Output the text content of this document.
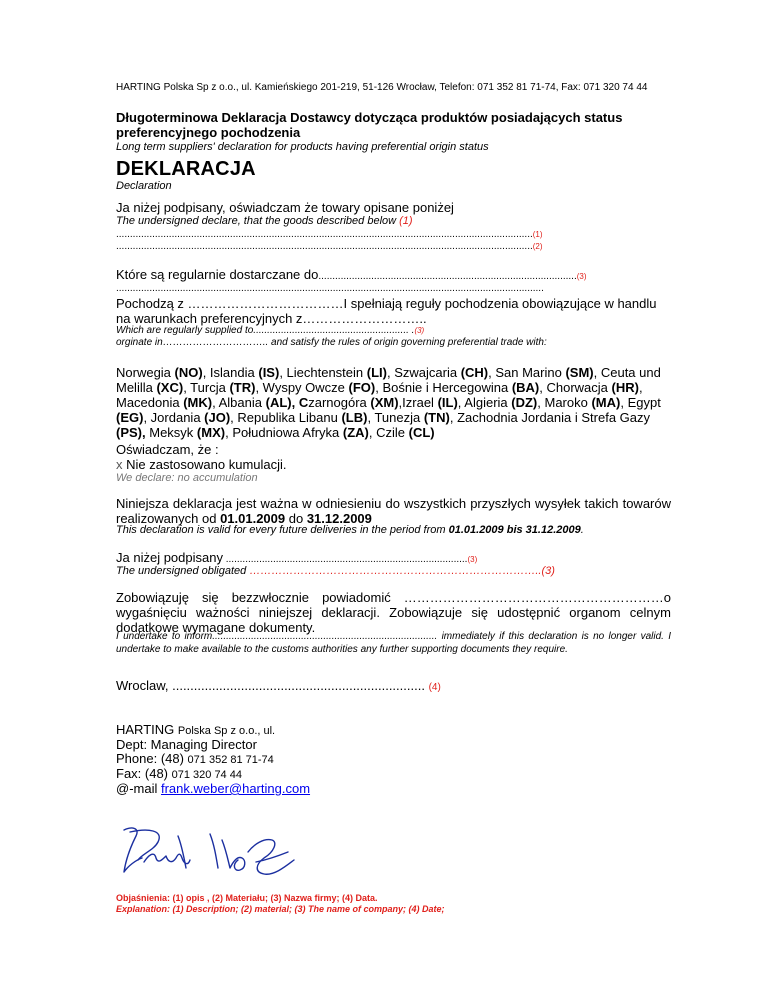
HARTING Polska Sp z o.o., ul. Kamieńskiego 201-219, 51-126 Wrocław, Telefon: 071 352 81 71-74, Fax: 071 320 74 44
Długoterminowa Deklaracja Dostawcy dotycząca produktów posiadających status preferencyjnego pochodzenia
Long term suppliers' declaration for products having preferential origin status
DEKLARACJA
Declaration
Ja niżej podpisany, oświadczam że towary opisane poniżej
The undersigned declare, that the goods described below (1)
......................................................................................................................................................(1)
......................................................................................................................................................(2)
Które są regularnie dostarczane do.............................................................................................(3)
..........................................................................................................................................................
Pochodzą z ………………………………I spełniają reguły pochodzenia obowiązujące w handlu
na warunkach preferencyjnych z………………………..
Which are regularly supplied to........................................................ .(3)
orginate in………………………….. and satisfy the rules of origin governing preferential trade with:
Norwegia (NO), Islandia (IS), Liechtenstein (LI), Szwajcaria (CH), San Marino (SM), Ceuta und Melilla (XC), Turcja (TR), Wyspy Owcze (FO), Bośnie i Hercegowina (BA), Chorwacja (HR), Macedonia (MK), Albania (AL), Czarnogóra (XM),Izrael (IL), Algieria (DZ), Maroko (MA), Egypt (EG), Jordania (JO), Republika Libanu (LB), Tunezja (TN), Zachodnia Jordania i Strefa Gazy (PS), Meksyk (MX), Południowa Afryka (ZA), Czile (CL)
Oświadczam, że :
x Nie zastosowano kumulacji.
We declare: no accumulation
Niniejsza deklaracja jest ważna w odniesieniu do wszystkich przyszłych wysyłek takich towarów realizowanych od 01.01.2009 do 31.12.2009
This declaration is valid for every future deliveries in the period from 01.01.2009 bis 31.12.2009.
Ja niżej podpisany .......................................................................................(3)
The undersigned obligated ……………………………………………………………………..(3)
Zobowiązuję się bezzwłocznie powiadomić ……………………………………………………o wygaśnięciu ważności niniejszej deklaracji. Zobowiązuje się udostępnić organom celnym dodatkowe wymagane dokumenty.
I undertake to inform................................................................................. immediately if this declaration is no longer valid. I undertake to make available to the customs authorities any further supporting documents they require.
Wroclaw, ...................................................................... (4)
HARTING Polska Sp z o.o., ul.
Dept: Managing Director
Phone: (48) 071 352 81 71-74
Fax: (48) 071 320 74 44
@-mail frank.weber@harting.com
Objaśnienia: (1) opis , (2) Materiału; (3) Nazwa firmy; (4) Data.
Explanation: (1) Description; (2) material; (3) The name of company; (4) Date;
